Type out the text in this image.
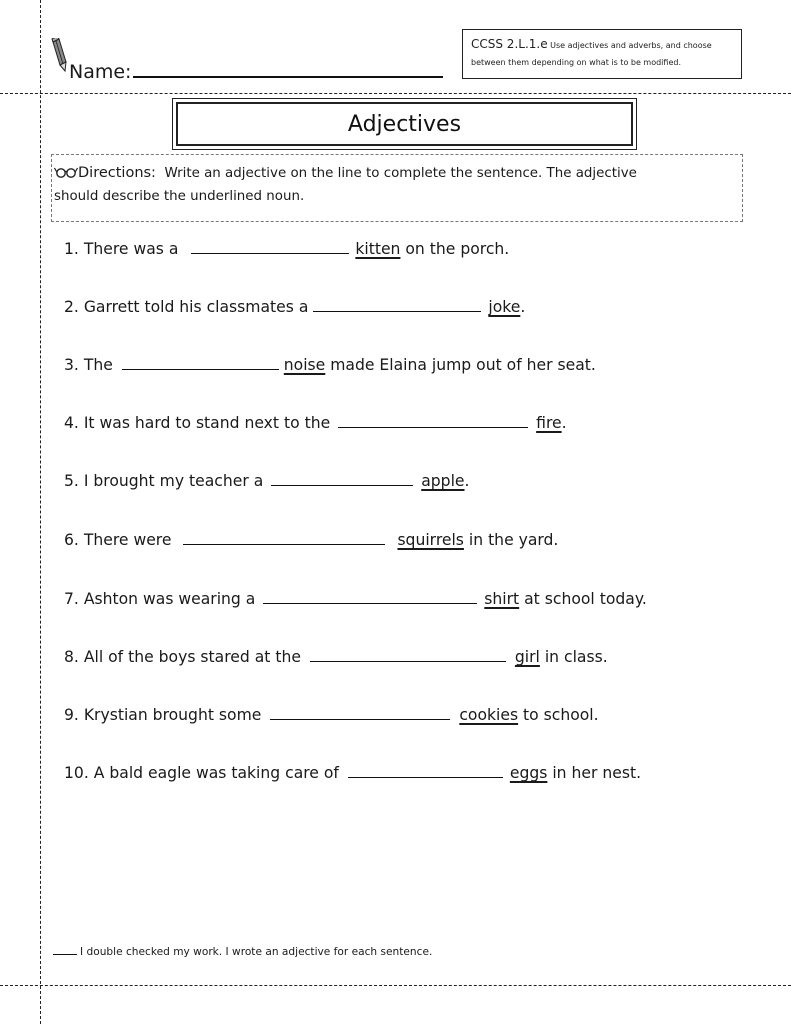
Name:
CCSS 2.L.1.e Use adjectives and adverbs, and choose between them depending on what is to be modified.
Adjectives
Directions: Write an adjective on the line to complete the sentence. The adjective
should describe the underlined noun.
1. There was a	kitten on the porch.
2. Garrett told his classmates a	joke.
3. The	noise made Elaina jump out of her seat.
4. It was hard to stand next to the	fire.
5. I brought my teacher a	apple.
6. There were	squirrels in the yard.
7. Ashton was wearing a	shirt at school today.
8. All of the boys stared at the	girl in class.
9. Krystian brought some	cookies to school.
10. A bald eagle was taking care of	eggs in her nest.
I double checked my work. I wrote an adjective for each sentence.
